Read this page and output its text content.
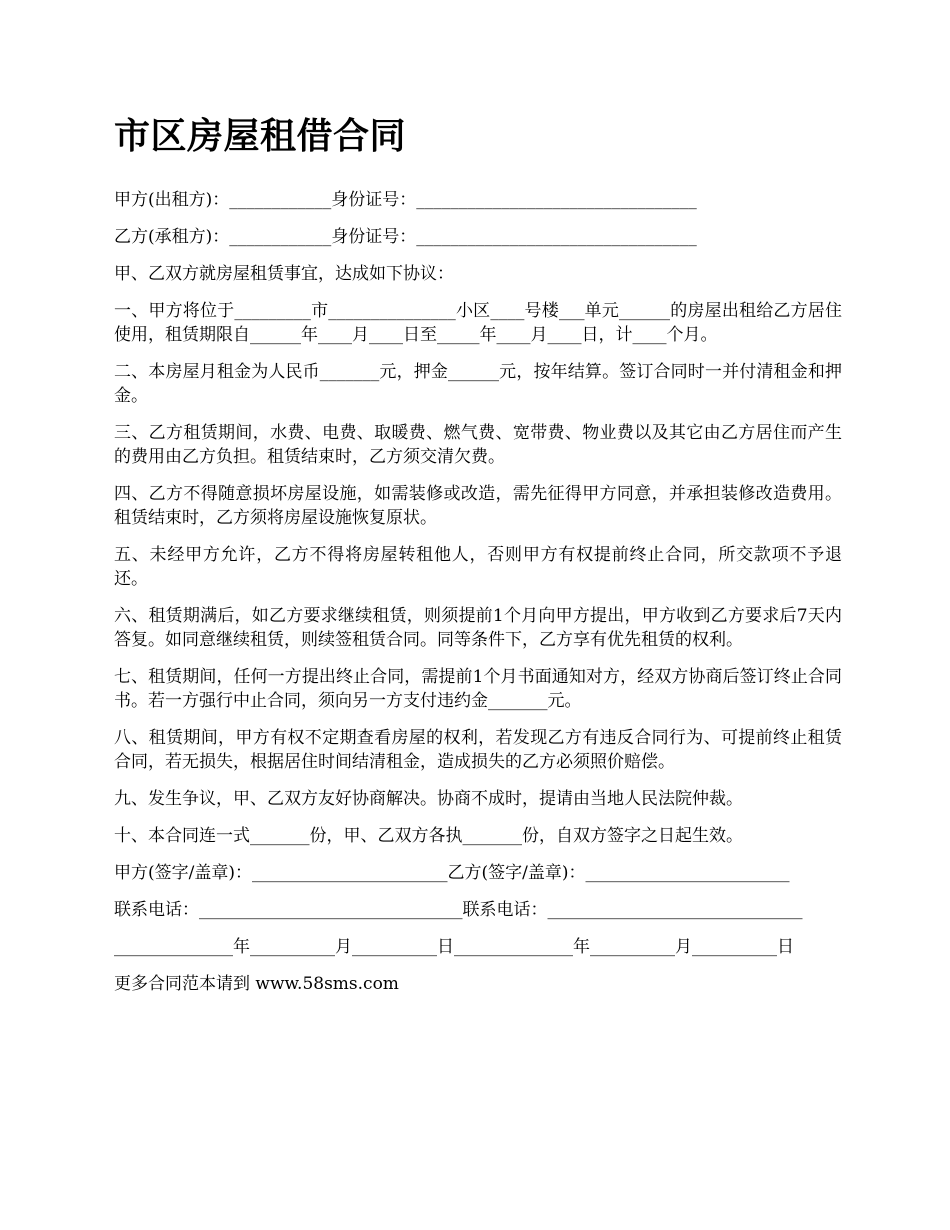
市区房屋租借合同

甲方(出租方)：____________身份证号：_________________________________

乙方(承租方)：____________身份证号：_________________________________

甲、乙双方就房屋租赁事宜，达成如下协议：

一、甲方将位于_________市_______________小区____号楼___单元______的房屋出租给乙方居住使用，租赁期限自______年____月____日至_____年____月____日，计____个月。

二、本房屋月租金为人民币_______元，押金______元，按年结算。签订合同时一并付清租金和押金。

三、乙方租赁期间，水费、电费、取暖费、燃气费、宽带费、物业费以及其它由乙方居住而产生的费用由乙方负担。租赁结束时，乙方须交清欠费。

四、乙方不得随意损坏房屋设施，如需装修或改造，需先征得甲方同意，并承担装修改造费用。租赁结束时，乙方须将房屋设施恢复原状。

五、未经甲方允许，乙方不得将房屋转租他人，否则甲方有权提前终止合同，所交款项不予退还。

六、租赁期满后，如乙方要求继续租赁，则须提前1个月向甲方提出，甲方收到乙方要求后7天内答复。如同意继续租赁，则续签租赁合同。同等条件下，乙方享有优先租赁的权利。

七、租赁期间，任何一方提出终止合同，需提前1个月书面通知对方，经双方协商后签订终止合同书。若一方强行中止合同，须向另一方支付违约金_______元。

八、租赁期间，甲方有权不定期查看房屋的权利，若发现乙方有违反合同行为、可提前终止租赁合同，若无损失，根据居住时间结清租金，造成损失的乙方必须照价赔偿。

九、发生争议，甲、乙双方友好协商解决。协商不成时，提请由当地人民法院仲裁。

十、本合同连一式_______份，甲、乙双方各执_______份，自双方签字之日起生效。

甲方(签字/盖章)：_______________________乙方(签字/盖章)：________________________

联系电话：_______________________________联系电话：______________________________

______________年__________月__________日______________年__________月__________日

更多合同范本请到 www.58sms.com
